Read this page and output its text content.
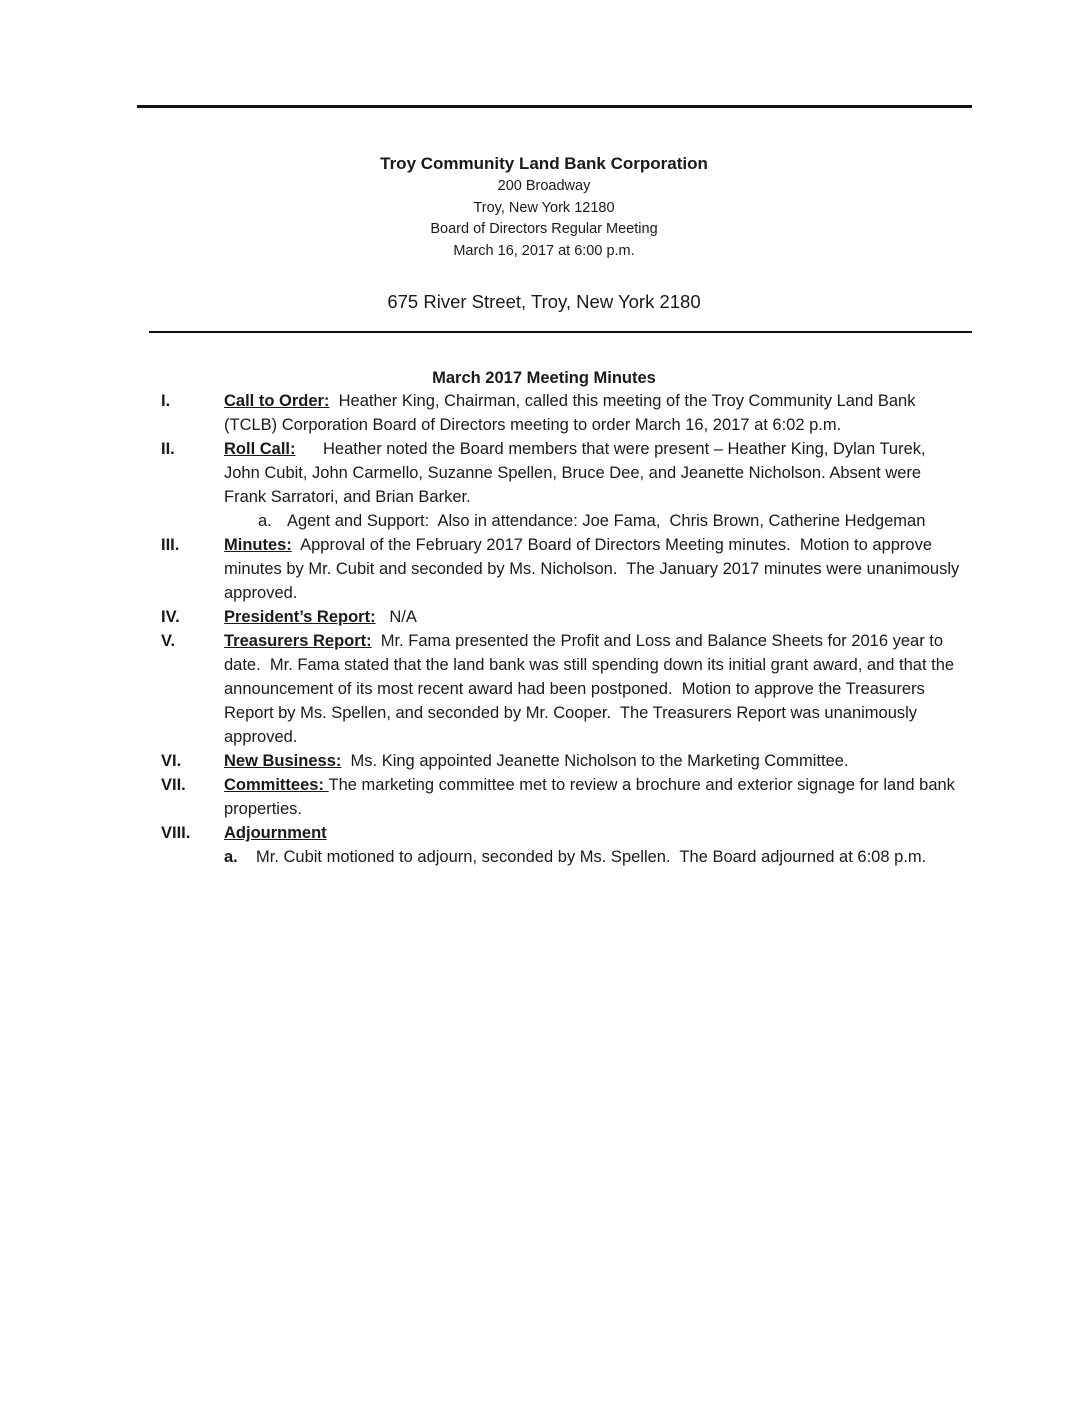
Troy Community Land Bank Corporation
200 Broadway
Troy, New York 12180
Board of Directors Regular Meeting
March 16, 2017 at 6:00 p.m.
675 River Street, Troy, New York 2180
March 2017 Meeting Minutes
I.	Call to Order:  Heather King, Chairman, called this meeting of the Troy Community Land Bank (TCLB) Corporation Board of Directors meeting to order March 16, 2017 at 6:02 p.m.
II.	Roll Call:      Heather noted the Board members that were present – Heather King, Dylan Turek, John Cubit, John Carmello, Suzanne Spellen, Bruce Dee, and Jeanette Nicholson. Absent were Frank Sarratori, and Brian Barker.
a. Agent and Support:  Also in attendance: Joe Fama,  Chris Brown, Catherine Hedgeman
III.	Minutes:  Approval of the February 2017 Board of Directors Meeting minutes.  Motion to approve minutes by Mr. Cubit and seconded by Ms. Nicholson.  The January 2017 minutes were unanimously approved.
IV.	President’s Report:   N/A
V.	Treasurers Report:  Mr. Fama presented the Profit and Loss and Balance Sheets for 2016 year to date.  Mr. Fama stated that the land bank was still spending down its initial grant award, and that the announcement of its most recent award had been postponed.  Motion to approve the Treasurers Report by Ms. Spellen, and seconded by Mr. Cooper.  The Treasurers Report was unanimously approved.
VI.	New Business:  Ms. King appointed Jeanette Nicholson to the Marketing Committee.
VII. Committees: The marketing committee met to review a brochure and exterior signage for land bank properties.
VIII. Adjournment
a. Mr. Cubit motioned to adjourn, seconded by Ms. Spellen.  The Board adjourned at 6:08 p.m.
